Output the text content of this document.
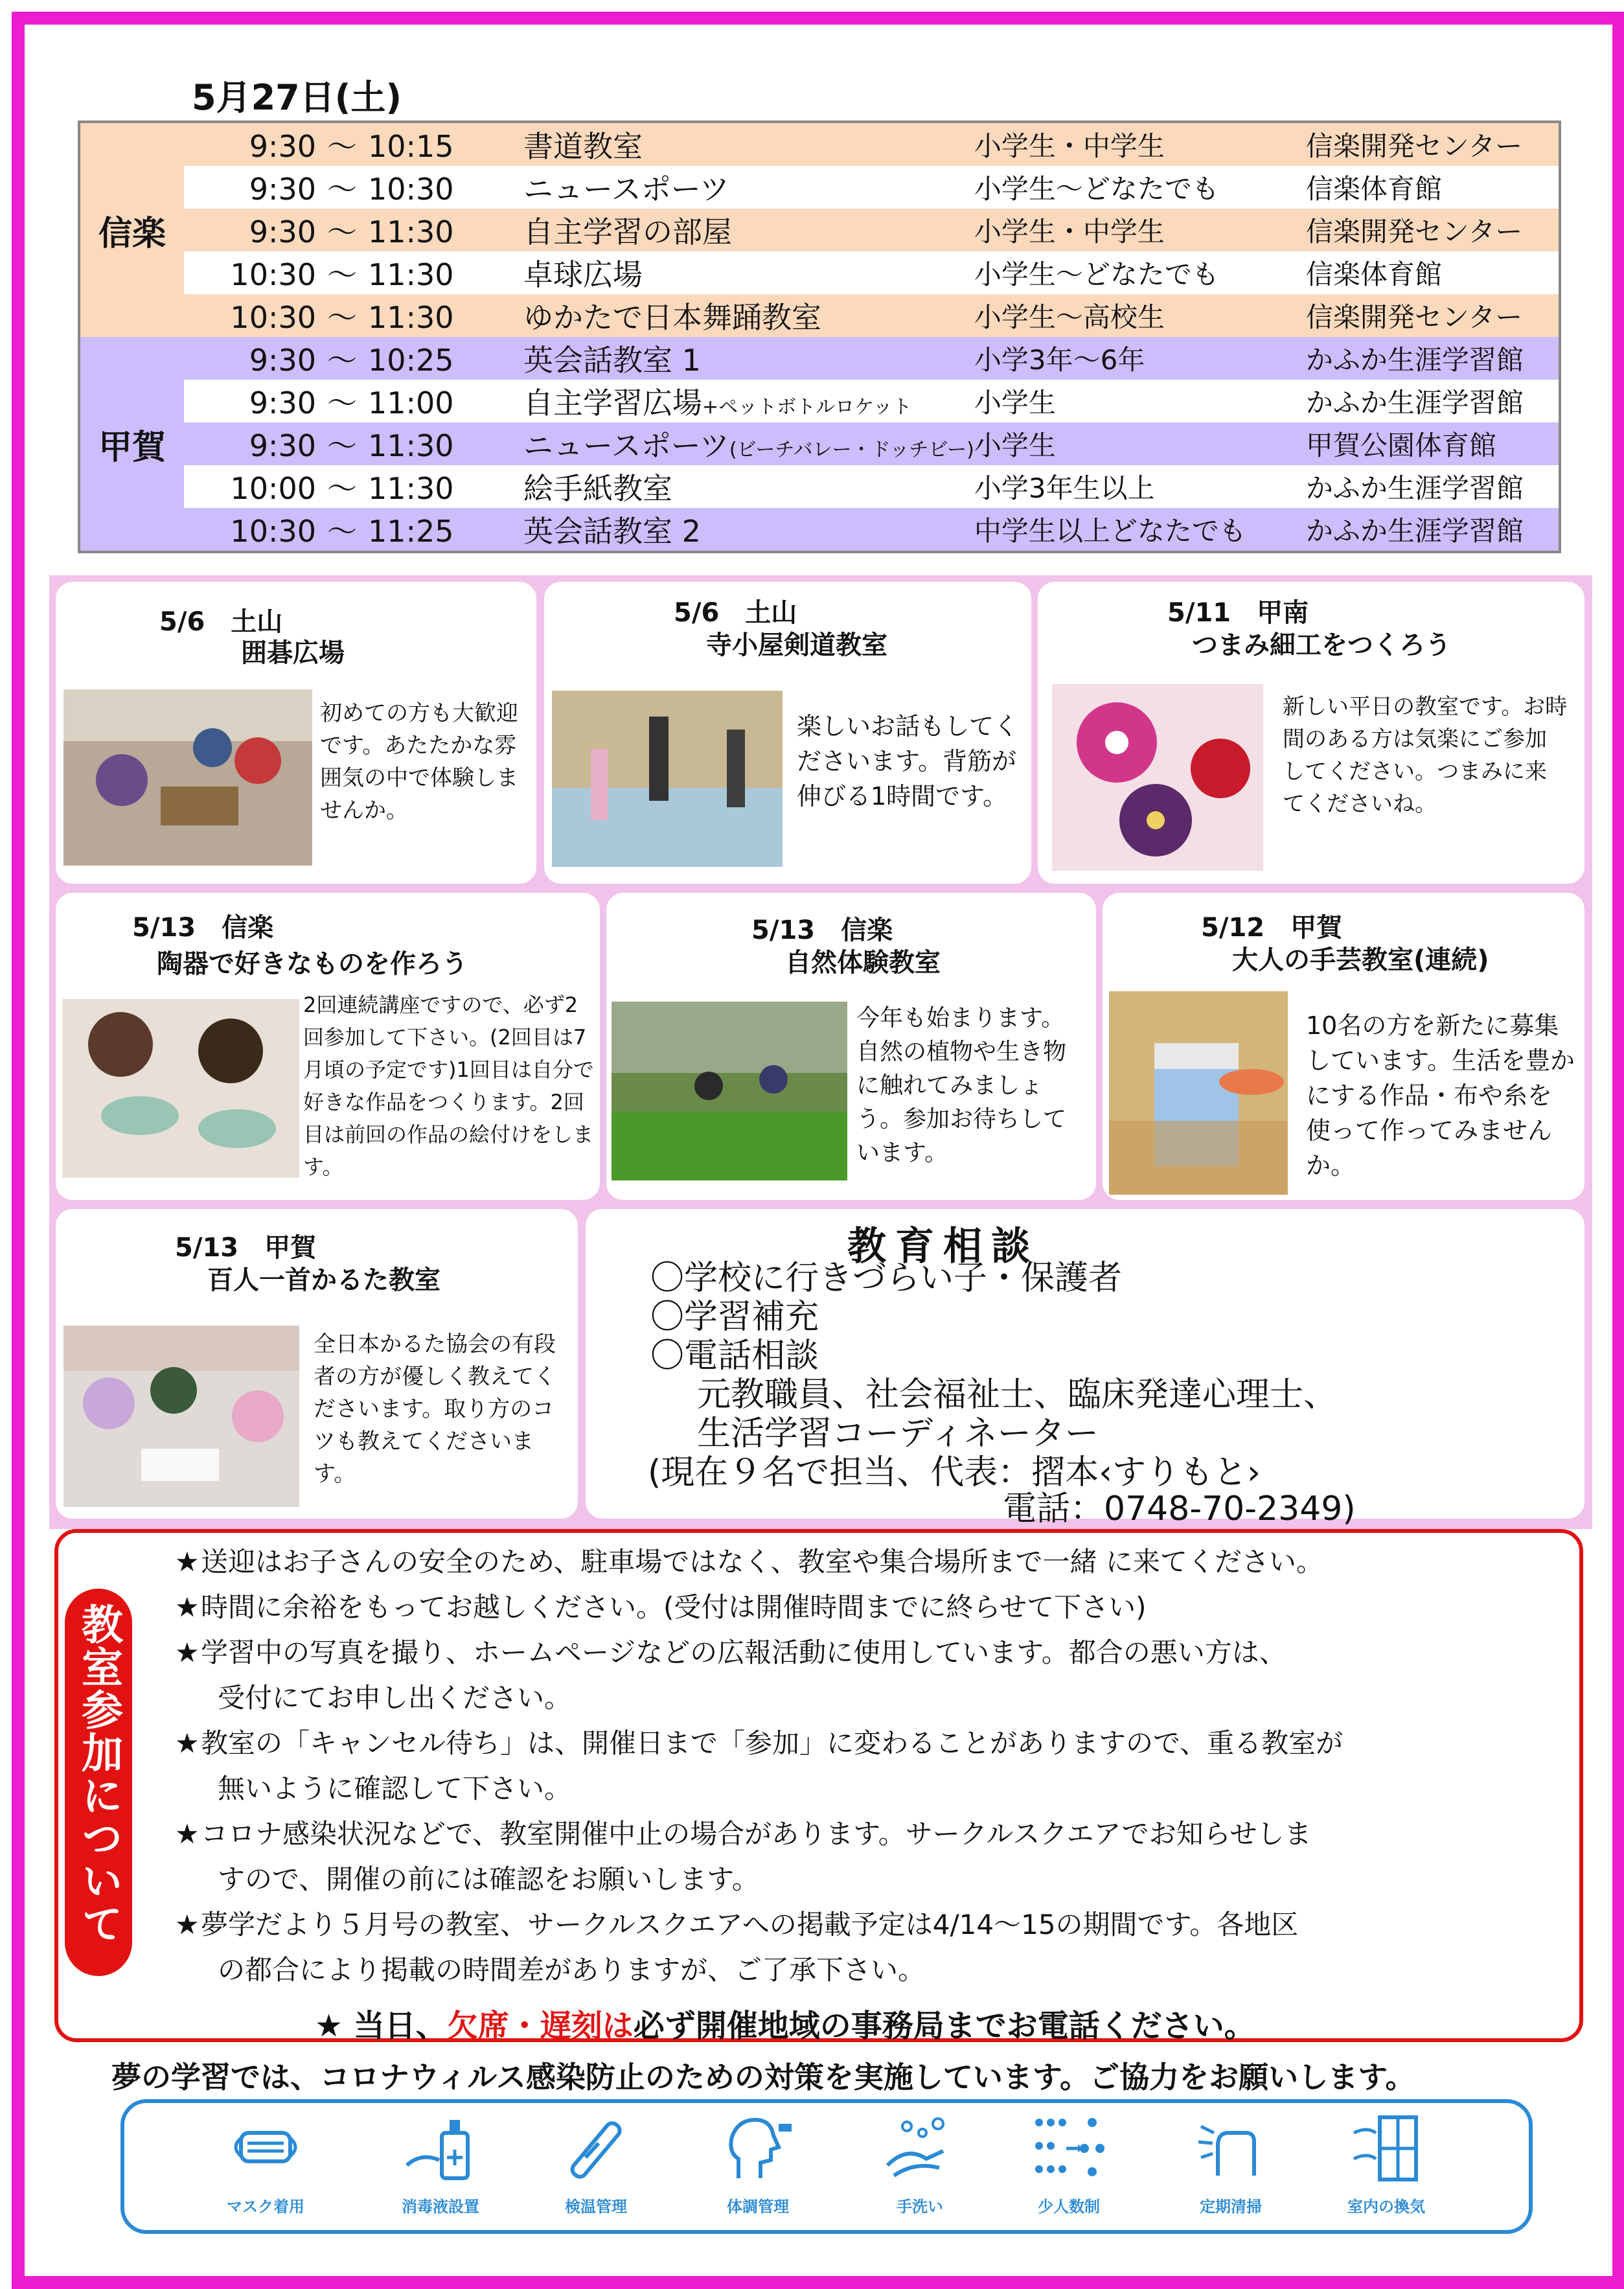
5月27日(土)
信楽	9:30 ～ 10:15	書道教室	小学生・中学生	信楽開発センター
	9:30 ～ 10:30	ニュースポーツ	小学生～どなたでも	信楽体育館
	9:30 ～ 11:30	自主学習の部屋	小学生・中学生	信楽開発センター
	10:30 ～ 11:30	卓球広場	小学生～どなたでも	信楽体育館
	10:30 ～ 11:30	ゆかたで日本舞踊教室	小学生～高校生	信楽開発センター
甲賀	9:30 ～ 10:25	英会話教室 1	小学3年～6年	かふか生涯学習館
	9:30 ～ 11:00	自主学習広場+ペットボトルロケット	小学生	かふか生涯学習館
	9:30 ～ 11:30	ニュースポーツ(ビーチバレー・ドッチビー)	小学生	甲賀公園体育館
	10:00 ～ 11:30	絵手紙教室	小学3年生以上	かふか生涯学習館
	10:30 ～ 11:25	英会話教室 2	中学生以上どなたでも	かふか生涯学習館
5/6　土山
囲碁広場
初めての方も大歓迎です。あたたかな雰囲気の中で体験しませんか。
5/6　土山
寺小屋剣道教室
楽しいお話もしてくださいます。背筋が伸びる1時間です。
5/11　甲南
つまみ細工をつくろう
新しい平日の教室です。お時間のある方は気楽にご参加してください。つまみに来てくださいね。
5/13　信楽
陶器で好きなものを作ろう
2回連続講座ですので、必ず2回参加して下さい。(2回目は7月頃の予定です)1回目は自分で好きな作品をつくります。2回目は前回の作品の絵付けをします。
5/13　信楽
自然体験教室
今年も始まります。自然の植物や生き物に触れてみましょう。参加お待ちしています。
5/12　甲賀
大人の手芸教室(連続)
10名の方を新たに募集しています。生活を豊かにする作品・布や糸を使って作ってみませんか。
5/13　甲賀
百人一首かるた教室
全日本かるた協会の有段者の方が優しく教えてくださいます。取り方のコツも教えてくださいます。
教育相談
〇学校に行きづらい子・保護者
〇学習補充
〇電話相談
元教職員、社会福祉士、臨床発達心理士、
生活学習コーディネーター
(現在９名で担当、代表：摺本‹すりもと›
電話：0748-70-2349)
教室参加について
★送迎はお子さんの安全のため、駐車場ではなく、教室や集合場所まで一緒 に来てください。
★時間に余裕をもってお越しください。(受付は開催時間までに終らせて下さい)
★学習中の写真を撮り、ホームページなどの広報活動に使用しています。都合の悪い方は、
受付にてお申し出ください。
★教室の「キャンセル待ち」は、開催日まで「参加」に変わることがありますので、重る教室が
無いように確認して下さい。
★コロナ感染状況などで、教室開催中止の場合があります。サークルスクエアでお知らせしま
すので、開催の前には確認をお願いします。
★夢学だより５月号の教室、サークルスクエアへの掲載予定は4/14～15の期間です。各地区
の都合により掲載の時間差がありますが、ご了承下さい。
★ 当日、欠席・遅刻は必ず開催地域の事務局までお電話ください。
夢の学習では、コロナウィルス感染防止のための対策を実施しています。ご協力をお願いします。
マスク着用	消毒液設置	検温管理	体調管理	手洗い	少人数制	定期清掃	室内の換気
